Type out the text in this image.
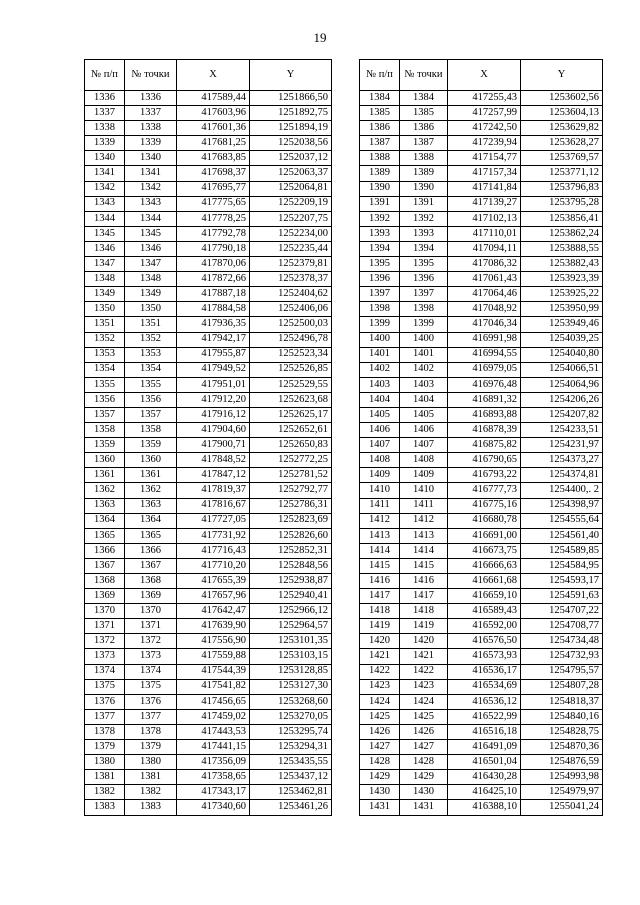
19
№ п/п	№ точки	X	Y
1336	1336	417589,44	1251866,50
1337	1337	417603,96	1251892,75
1338	1338	417601,36	1251894,19
1339	1339	417681,25	1252038,56
1340	1340	417683,85	1252037,12
1341	1341	417698,37	1252063,37
1342	1342	417695,77	1252064,81
1343	1343	417775,65	1252209,19
1344	1344	417778,25	1252207,75
1345	1345	417792,78	1252234,00
1346	1346	417790,18	1252235,44
1347	1347	417870,06	1252379,81
1348	1348	417872,66	1252378,37
1349	1349	417887,18	1252404,62
1350	1350	417884,58	1252406,06
1351	1351	417936,35	1252500,03
1352	1352	417942,17	1252496,78
1353	1353	417955,87	1252523,34
1354	1354	417949,52	1252526,85
1355	1355	417951,01	1252529,55
1356	1356	417912,20	1252623,68
1357	1357	417916,12	1252625,17
1358	1358	417904,60	1252652,61
1359	1359	417900,71	1252650,83
1360	1360	417848,52	1252772,25
1361	1361	417847,12	1252781,52
1362	1362	417819,37	1252792,77
1363	1363	417816,67	1252786,31
1364	1364	417727,05	1252823,69
1365	1365	417731,92	1252826,60
1366	1366	417716,43	1252852,31
1367	1367	417710,20	1252848,56
1368	1368	417655,39	1252938,87
1369	1369	417657,96	1252940,41
1370	1370	417642,47	1252966,12
1371	1371	417639,90	1252964,57
1372	1372	417556,90	1253101,35
1373	1373	417559,88	1253103,15
1374	1374	417544,39	1253128,85
1375	1375	417541,82	1253127,30
1376	1376	417456,65	1253268,60
1377	1377	417459,02	1253270,05
1378	1378	417443,53	1253295,74
1379	1379	417441,15	1253294,31
1380	1380	417356,09	1253435,55
1381	1381	417358,65	1253437,12
1382	1382	417343,17	1253462,81
1383	1383	417340,60	1253461,26
№ п/п	№ точки	X	Y
1384	1384	417255,43	1253602,56
1385	1385	417257,99	1253604,13
1386	1386	417242,50	1253629,82
1387	1387	417239,94	1253628,27
1388	1388	417154,77	1253769,57
1389	1389	417157,34	1253771,12
1390	1390	417141,84	1253796,83
1391	1391	417139,27	1253795,28
1392	1392	417102,13	1253856,41
1393	1393	417110,01	1253862,24
1394	1394	417094,11	1253888,55
1395	1395	417086,32	1253882,43
1396	1396	417061,43	1253923,39
1397	1397	417064,46	1253925,22
1398	1398	417048,92	1253950,99
1399	1399	417046,34	1253949,46
1400	1400	416991,98	1254039,25
1401	1401	416994,55	1254040,80
1402	1402	416979,05	1254066,51
1403	1403	416976,48	1254064,96
1404	1404	416891,32	1254206,26
1405	1405	416893,88	1254207,82
1406	1406	416878,39	1254233,51
1407	1407	416875,82	1254231,97
1408	1408	416790,65	1254373,27
1409	1409	416793,22	1254374,81
1410	1410	416777,73	1254400,. 2
1411	1411	416775,16	1254398,97
1412	1412	416680,78	1254555,64
1413	1413	416691,00	1254561,40
1414	1414	416673,75	1254589,85
1415	1415	416666,63	1254584,95
1416	1416	416661,68	1254593,17
1417	1417	416659,10	1254591,63
1418	1418	416589,43	1254707,22
1419	1419	416592,00	1254708,77
1420	1420	416576,50	1254734,48
1421	1421	416573,93	1254732,93
1422	1422	416536,17	1254795,57
1423	1423	416534,69	1254807,28
1424	1424	416536,12	1254818,37
1425	1425	416522,99	1254840,16
1426	1426	416516,18	1254828,75
1427	1427	416491,09	1254870,36
1428	1428	416501,04	1254876,59
1429	1429	416430,28	1254993,98
1430	1430	416425,10	1254979,97
1431	1431	416388,10	1255041,24
